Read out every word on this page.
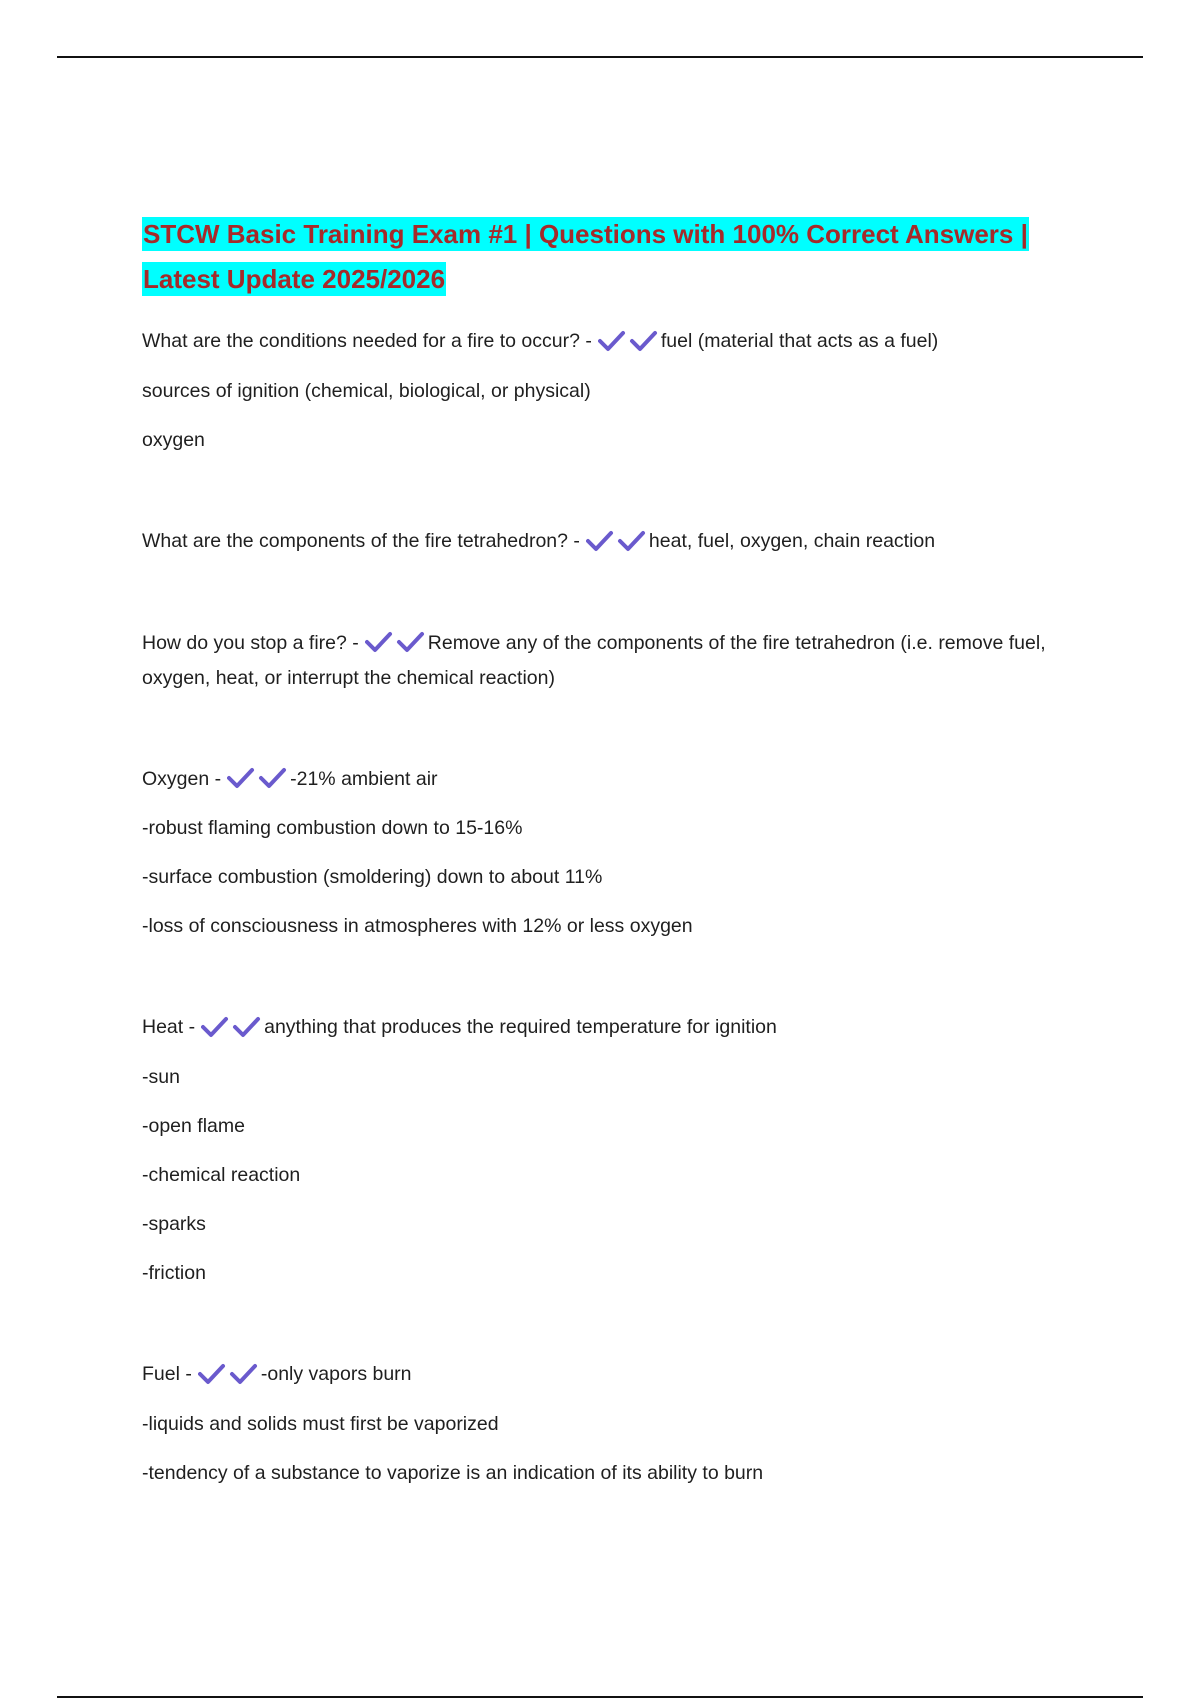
STCW Basic Training Exam #1 | Questions with 100% Correct Answers | Latest Update 2025/2026

What are the conditions needed for a fire to occur? -	fuel (material that acts as a fuel)

sources of ignition (chemical, biological, or physical)

oxygen

What are the components of the fire tetrahedron? -	heat, fuel, oxygen, chain reaction

How do you stop a fire? -	Remove any of the components of the fire tetrahedron (i.e. remove fuel, oxygen, heat, or interrupt the chemical reaction)

Oxygen -	-21% ambient air

-robust flaming combustion down to 15-16%

-surface combustion (smoldering) down to about 11%

-loss of consciousness in atmospheres with 12% or less oxygen

Heat -	anything that produces the required temperature for ignition

-sun

-open flame

-chemical reaction

-sparks

-friction

Fuel -	-only vapors burn

-liquids and solids must first be vaporized

-tendency of a substance to vaporize is an indication of its ability to burn
